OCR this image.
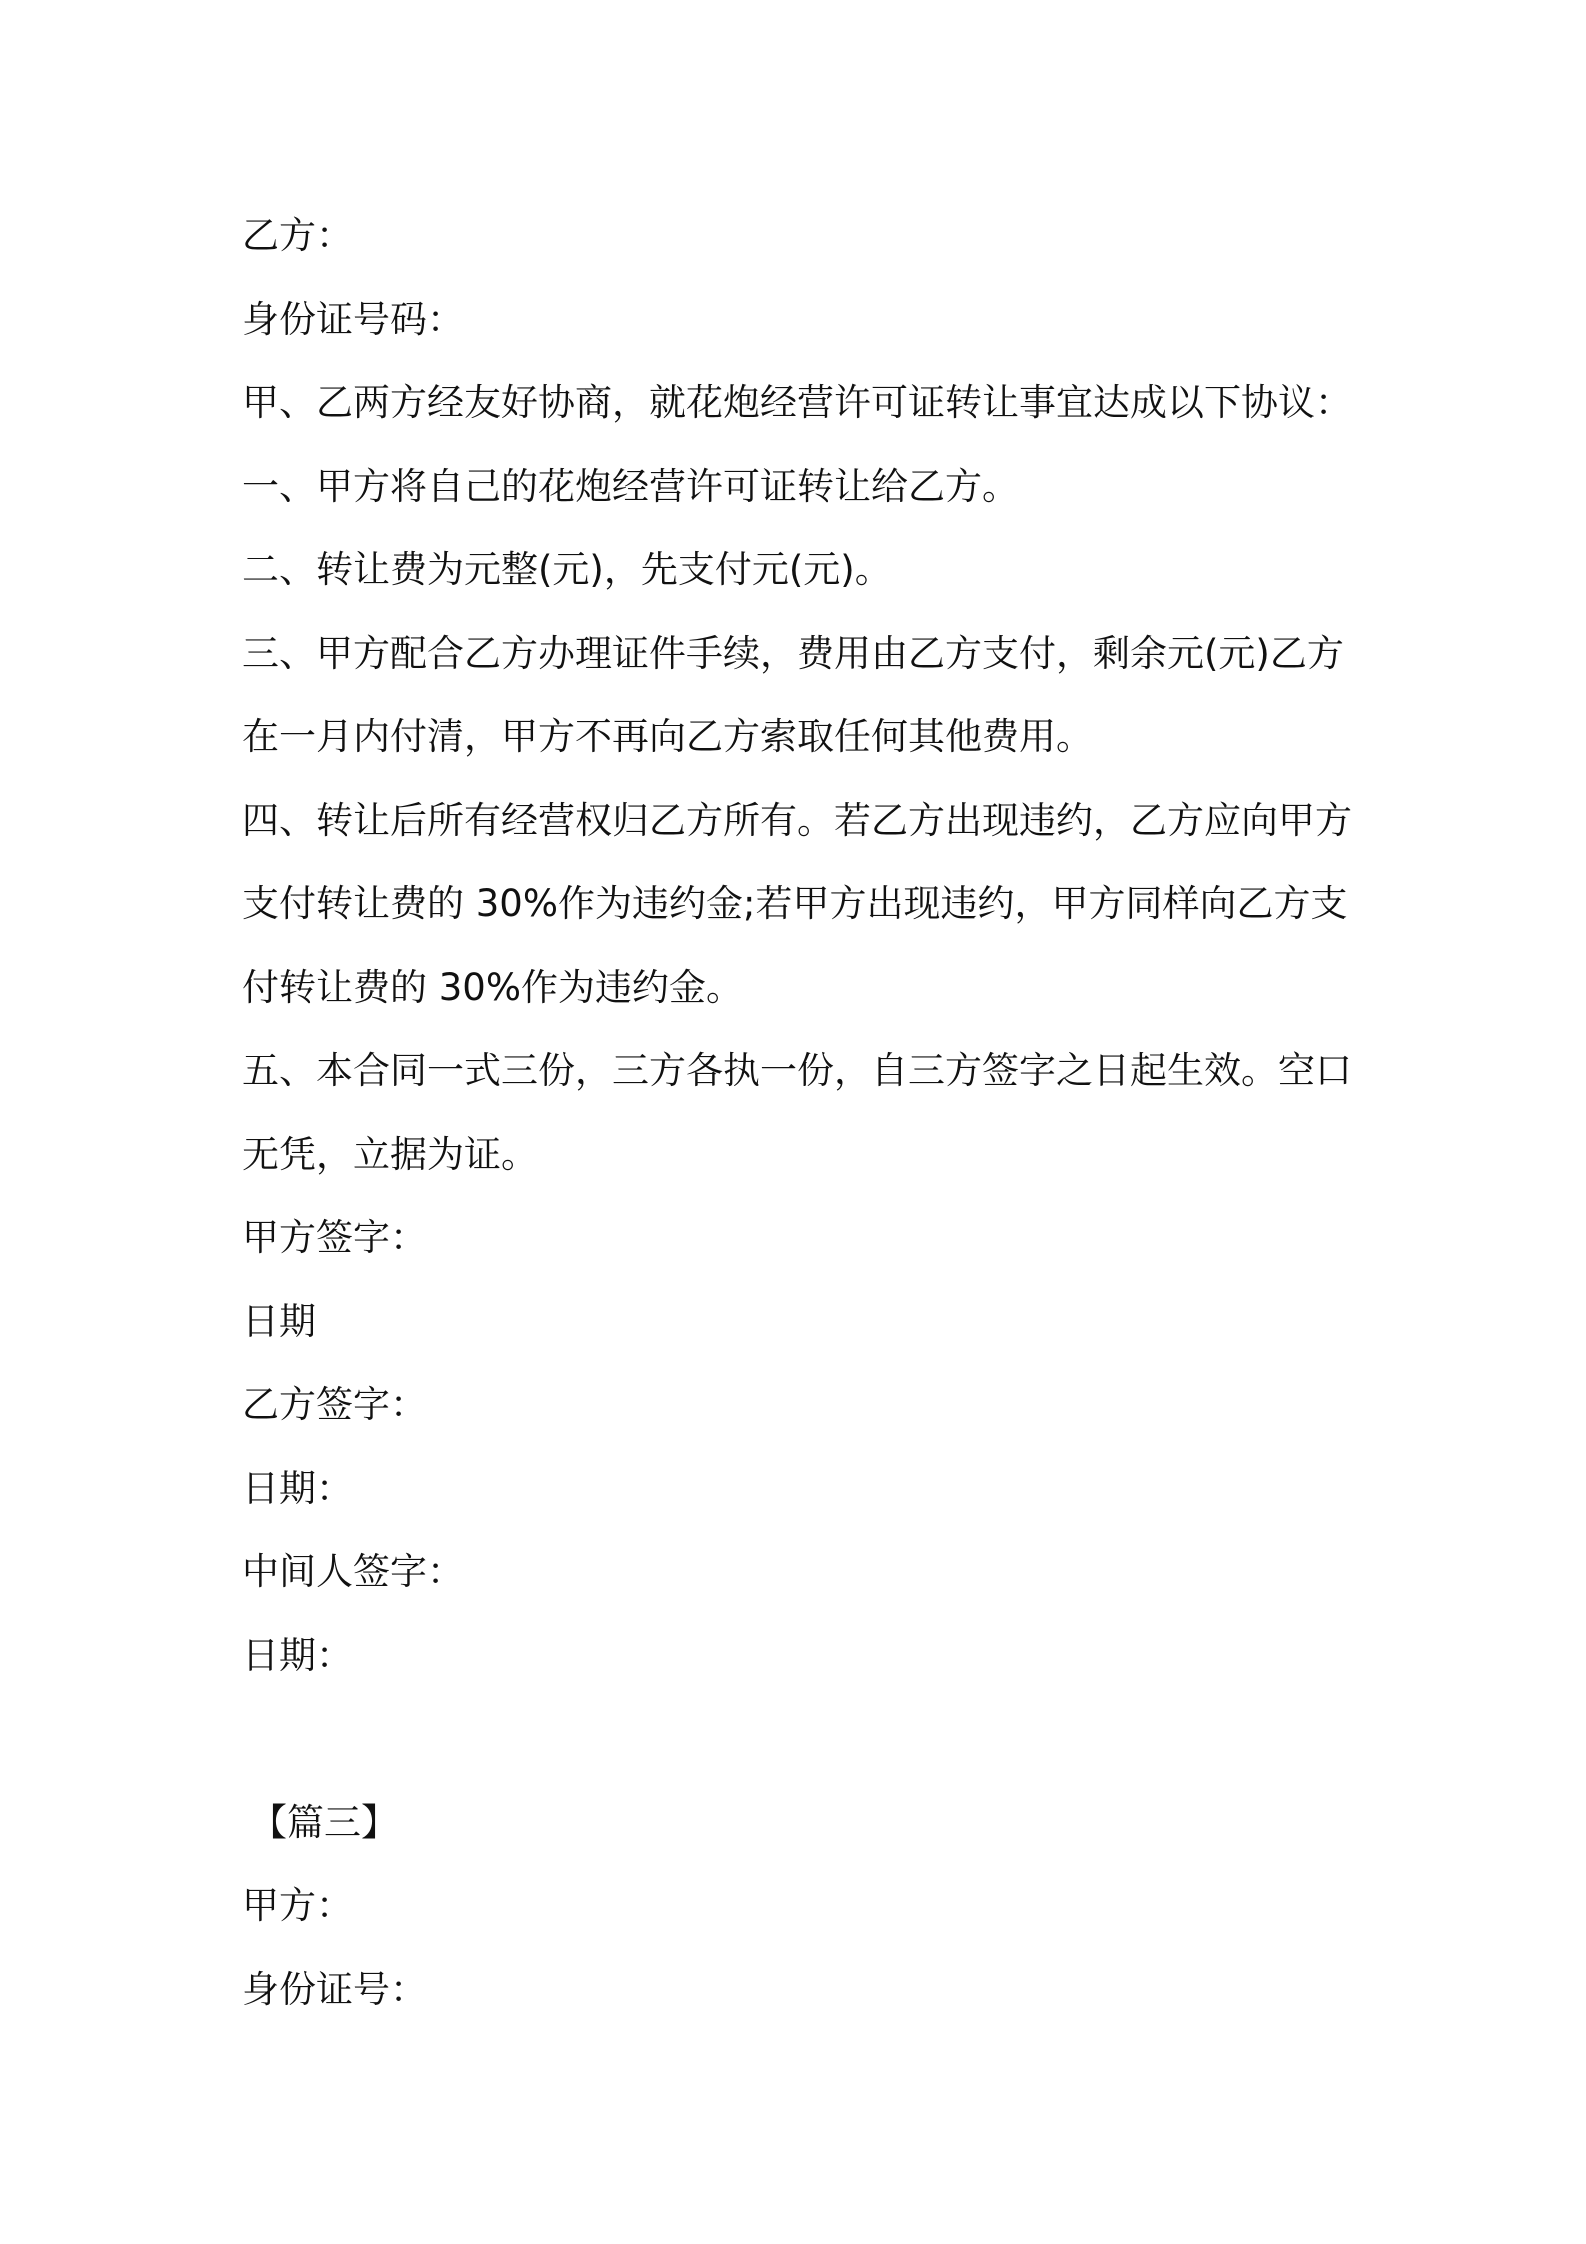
乙方：
身份证号码：
甲、乙两方经友好协商，就花炮经营许可证转让事宜达成以下协议：
一、甲方将自己的花炮经营许可证转让给乙方。
二、转让费为元整(元)，先支付元(元)。
三、甲方配合乙方办理证件手续，费用由乙方支付，剩余元(元)乙方
在一月内付清，甲方不再向乙方索取任何其他费用。
四、转让后所有经营权归乙方所有。若乙方出现违约，乙方应向甲方
支付转让费的 30%作为违约金;若甲方出现违约，甲方同样向乙方支
付转让费的 30%作为违约金。
五、本合同一式三份，三方各执一份，自三方签字之日起生效。空口
无凭，立据为证。
甲方签字：
日期
乙方签字：
日期：
中间人签字：
日期：
【篇三】
甲方：
身份证号：
